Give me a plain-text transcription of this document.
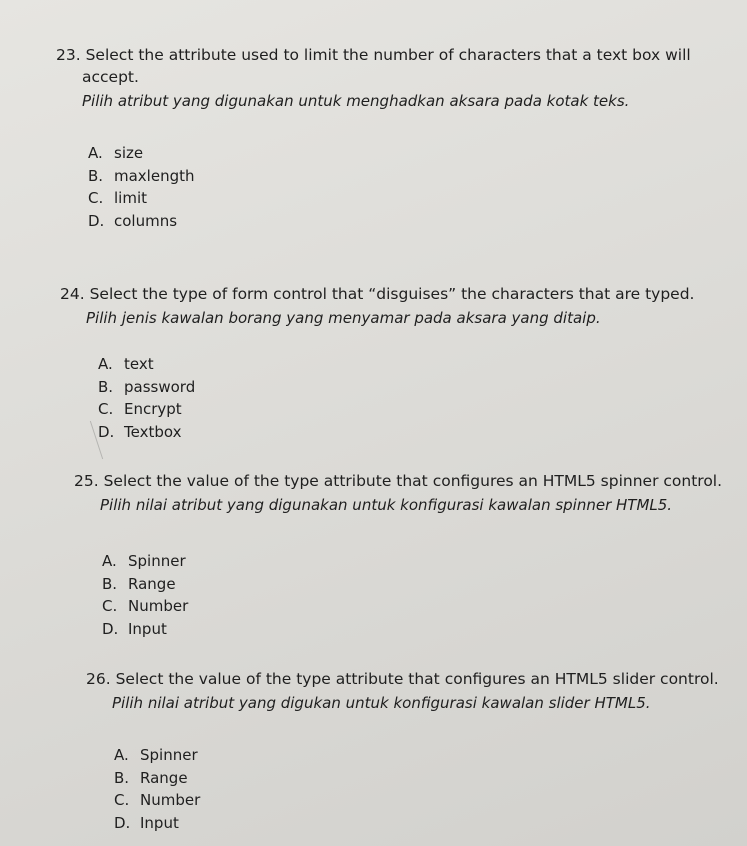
23. Select the attribute used to limit the number of characters that a text box will
accept.

Pilih atribut yang digunakan untuk menghadkan aksara pada kotak teks.

A. size
B. maxlength
C. limit
D. columns

24. Select the type of form control that “disguises” the characters that are typed.

Pilih jenis kawalan borang yang menyamar pada aksara yang ditaip.

A. text
B. password
C. Encrypt
D. Textbox

25. Select the value of the type attribute that configures an HTML5 spinner control.

Pilih nilai atribut yang digunakan untuk konfigurasi kawalan spinner HTML5.

A. Spinner
B. Range
C. Number
D. Input

26. Select the value of the type attribute that configures an HTML5 slider control.

Pilih nilai atribut yang digukan untuk konfigurasi kawalan slider HTML5.

A. Spinner
B. Range
C. Number
D. Input
